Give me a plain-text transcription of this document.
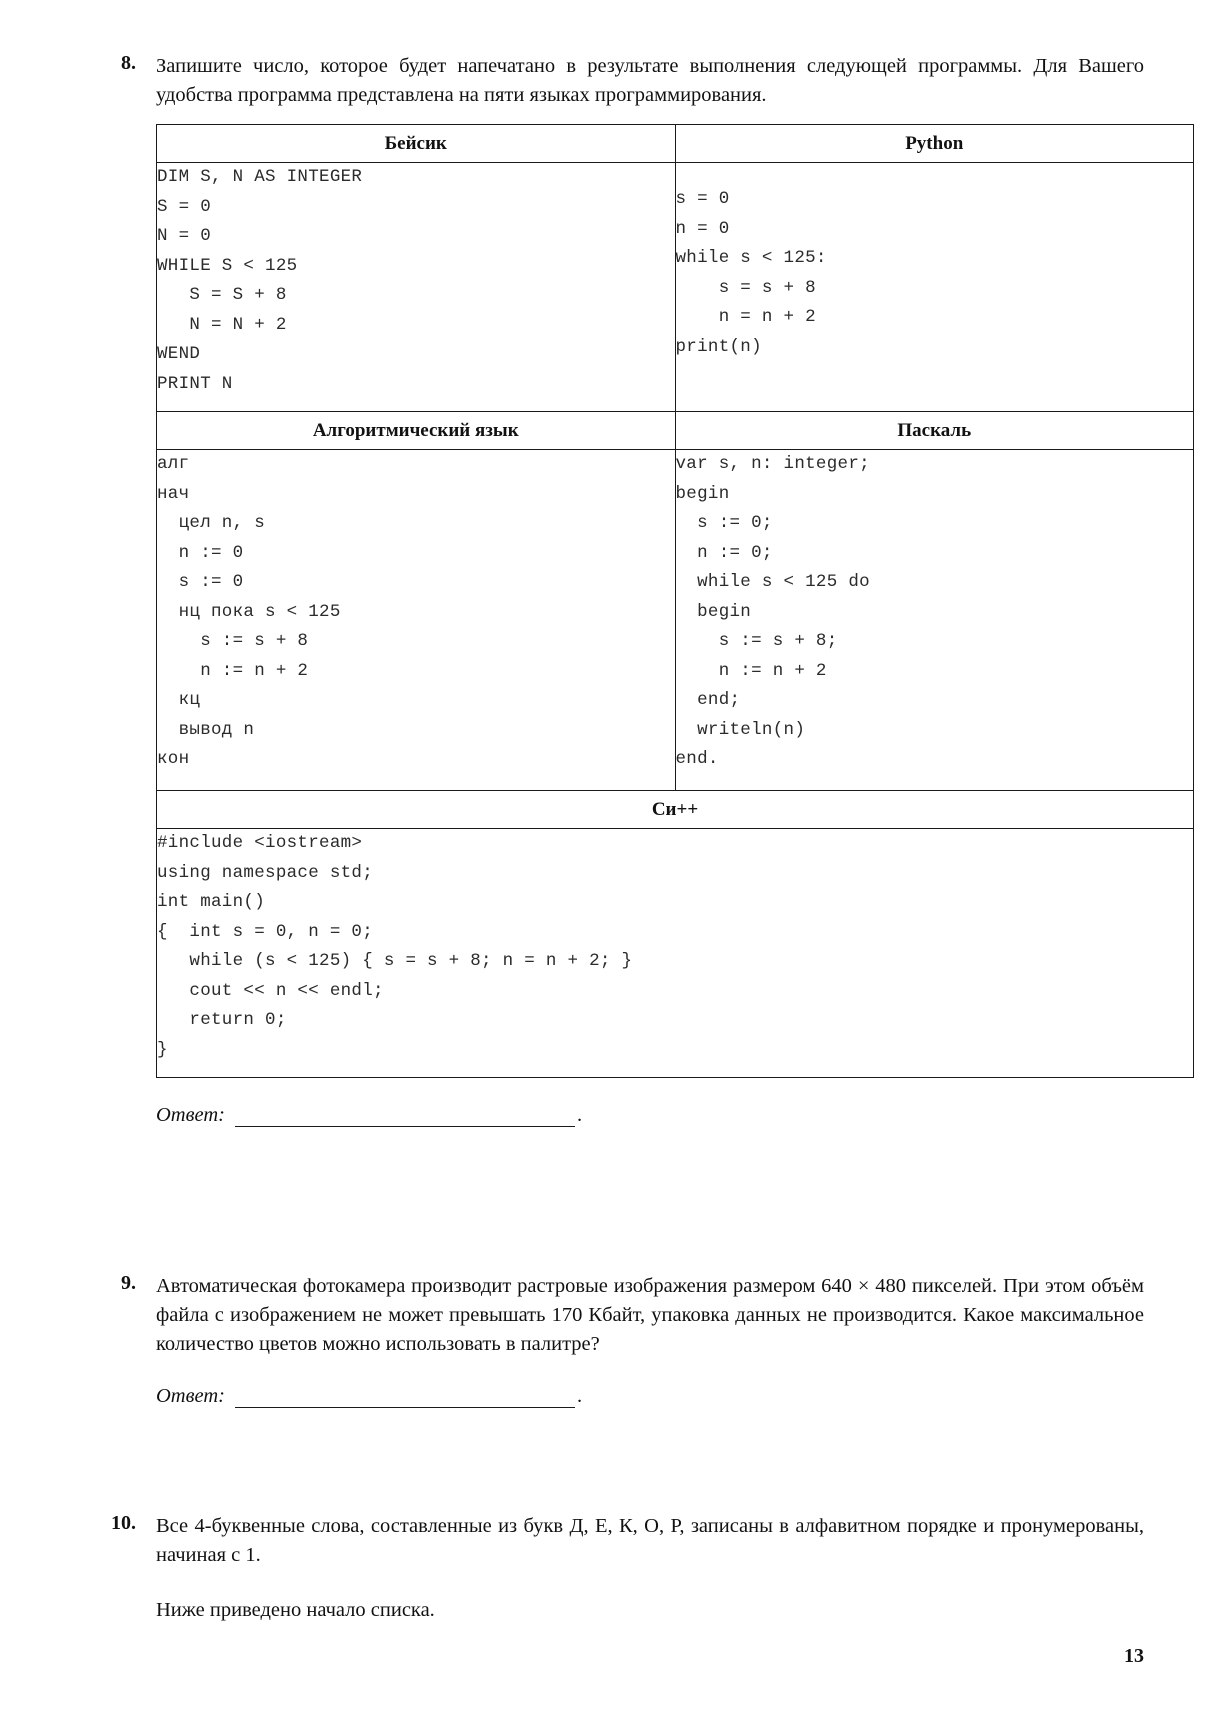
8. Запишите число, которое будет напечатано в результате выполнения следующей программы. Для Вашего удобства программа представлена на пяти языках программирования.
Бейсик	Python

DIM S, N AS INTEGER
S = 0
N = 0
WHILE S < 125
S = S + 8
N = N + 2
WEND
PRINT N

s = 0
n = 0
while s < 125:
s = s + 8
n = n + 2
print(n)

Алгоритмический язык	Паскаль

алг
нач
цел n, s
n := 0
s := 0
нц пока s < 125
s := s + 8
n := n + 2
кц
вывод n
кон

var s, n: integer;
begin
s := 0;
n := 0;
while s < 125 do
begin
s := s + 8;
n := n + 2
end;
writeln(n)
end.

Си++	

#include <iostream>
using namespace std;
int main()
{  int s = 0, n = 0;
while (s < 125) { s = s + 8; n = n + 2; }
cout << n << endl;
return 0;
}
Ответ:	.
9. Автоматическая фотокамера производит растровые изображения размером 640 × 480 пикселей. При этом объём файла с изображением не может превышать 170 Кбайт, упаковка данных не производится. Какое максимальное количество цветов можно использовать в палитре?
Ответ:	.
10. Все 4-буквенные слова, составленные из букв Д, Е, К, О, Р, записаны в алфавитном порядке и пронумерованы, начиная с 1.
Ниже приведено начало списка.
13
